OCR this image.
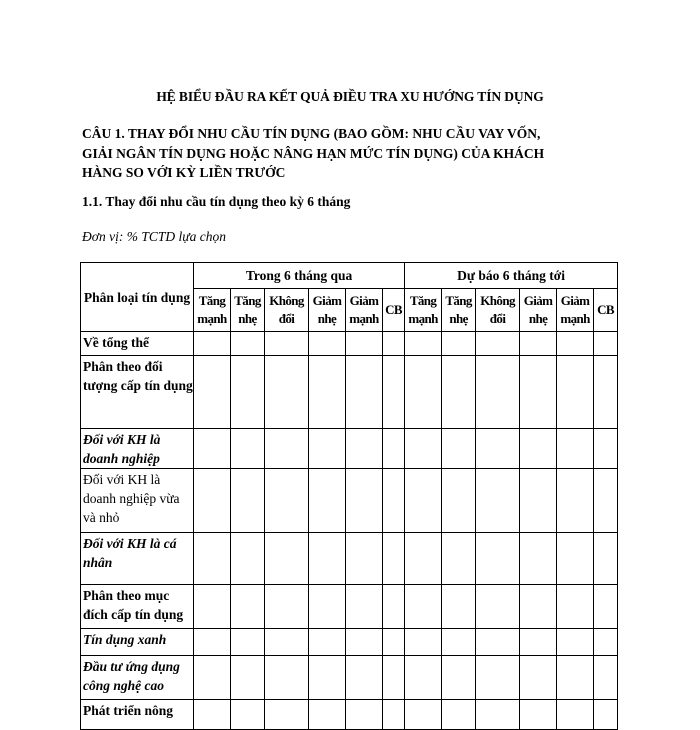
HỆ BIỂU ĐẦU RA KẾT QUẢ ĐIỀU TRA XU HƯỚNG TÍN DỤNG
CÂU 1. THAY ĐỔI NHU CẦU TÍN DỤNG (BAO GỒM: NHU CẦU VAY VỐN,
GIẢI NGÂN TÍN DỤNG HOẶC NÂNG HẠN MỨC TÍN DỤNG) CỦA KHÁCH
HÀNG SO VỚI KỲ LIỀN TRƯỚC
1.1. Thay đổi nhu cầu tín dụng theo kỳ 6 tháng
Đơn vị: % TCTD lựa chọn
Phân loại tín dụng	Trong 6 tháng qua						Dự báo 6 tháng tới					
	Tăng mạnh	Tăng nhẹ	Không đổi	Giảm nhẹ	Giảm mạnh	CB	Tăng mạnh	Tăng nhẹ	Không đổi	Giảm nhẹ	Giảm mạnh	CB
Về tổng thể												
Phân theo đối tượng cấp tín dụng												
Đối với KH là doanh nghiệp												
Đối với KH là doanh nghiệp vừa và nhỏ												
Đối với KH là cá nhân												
Phân theo mục đích cấp tín dụng												
Tín dụng xanh												
Đầu tư ứng dụng công nghệ cao												
Phát triển nông												
